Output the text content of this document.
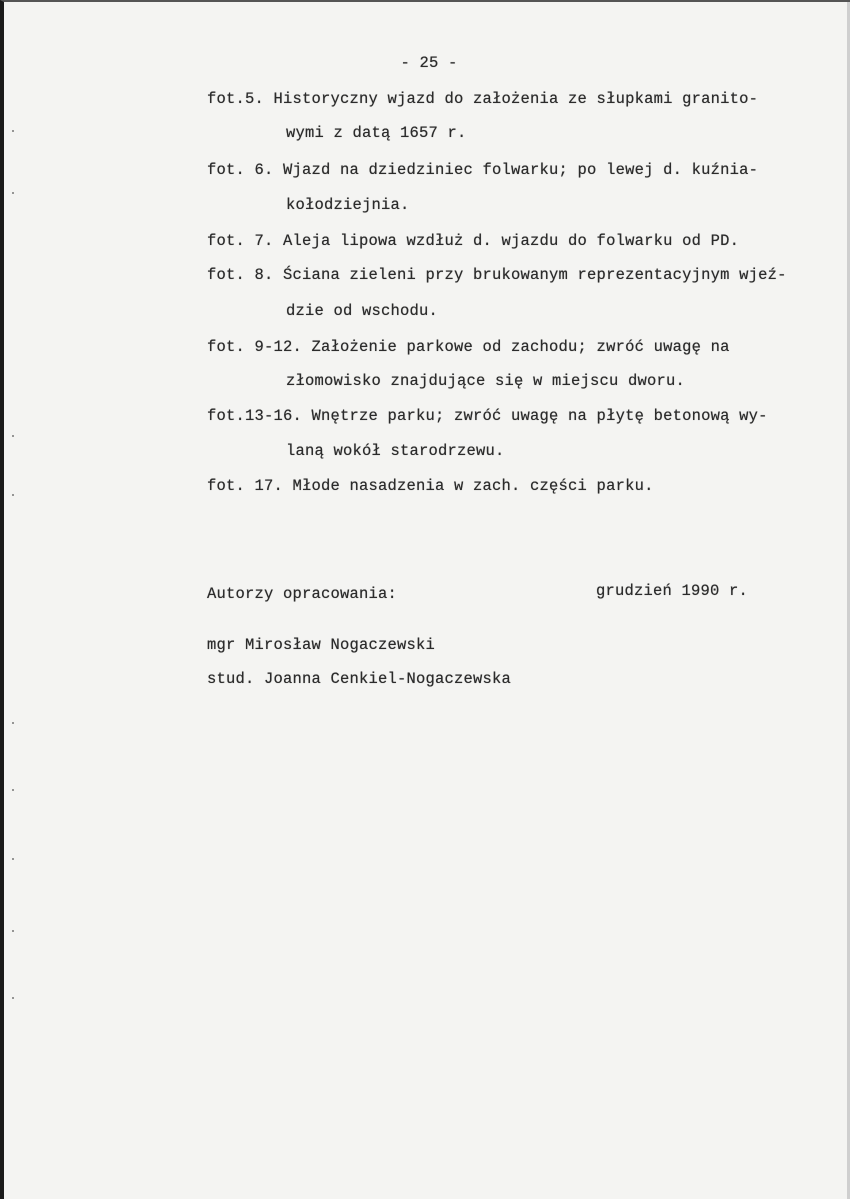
- 25 -
fot.5. Historyczny wjazd do założenia ze słupkami granito-
wymi z datą 1657 r.
fot. 6. Wjazd na dziedziniec folwarku; po lewej d. kuźnia-
kołodziejnia.
fot. 7. Aleja lipowa wzdłuż d. wjazdu do folwarku od PD.
fot. 8. Ściana zieleni przy brukowanym reprezentacyjnym wjeź-
dzie od wschodu.
fot. 9-12. Założenie parkowe od zachodu; zwróć uwagę na
złomowisko znajdujące się w miejscu dworu.
fot.13-16. Wnętrze parku; zwróć uwagę na płytę betonową wy-
laną wokół starodrzewu.
fot. 17. Młode nasadzenia w zach. części parku.
Autorzy opracowania:	grudzień 1990 r.
mgr Mirosław Nogaczewski
stud. Joanna Cenkiel-Nogaczewska
